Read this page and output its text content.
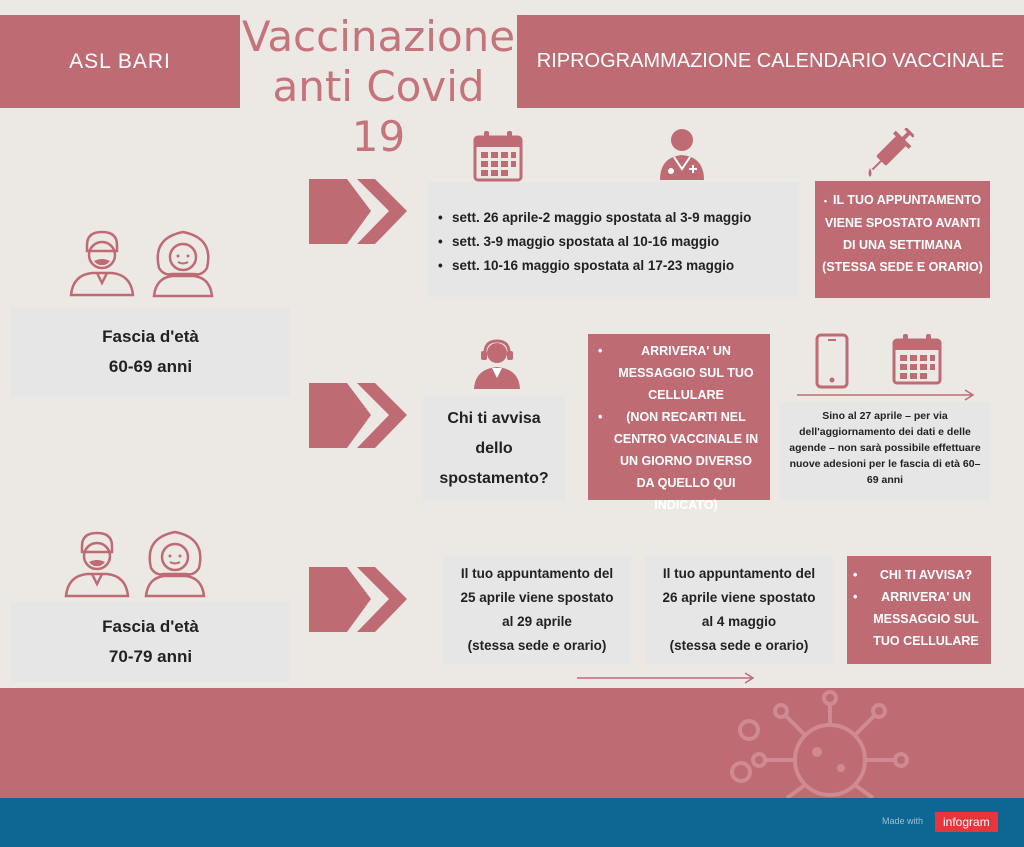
ASL BARI Vaccinazione
anti Covid 19
RIPROGRAMMAZIONE CALENDARIO VACCINALE
Fascia d'età
60-69 anni
• sett. 26 aprile-2 maggio spostata al 3-9 maggio
• sett. 3-9 maggio spostata al 10-16 maggio
• sett. 10-16 maggio spostata al 17-23 maggio
• IL TUO APPUNTAMENTO VIENE SPOSTATO AVANTI DI UNA SETTIMANA (STESSA SEDE E ORARIO)
Chi ti avvisa
dello
spostamento?
• ARRIVERA' UN MESSAGGIO SUL TUO CELLULARE
• (NON RECARTI NEL CENTRO VACCINALE IN UN GIORNO DIVERSO DA QUELLO QUI INDICATO)
Sino al 27 aprile – per via dell'aggiornamento dei dati e delle agende – non sarà possibile effettuare nuove adesioni per le fascia di età 60–69 anni
Fascia d'età
70-79 anni
Il tuo appuntamento del
25 aprile viene spostato
al 29 aprile
(stessa sede e orario)
Il tuo appuntamento del
26 aprile viene spostato
al 4 maggio
(stessa sede e orario)
• CHI TI AVVISA?
• ARRIVERA' UN MESSAGGIO SUL TUO CELLULARE
Made with	infogram
